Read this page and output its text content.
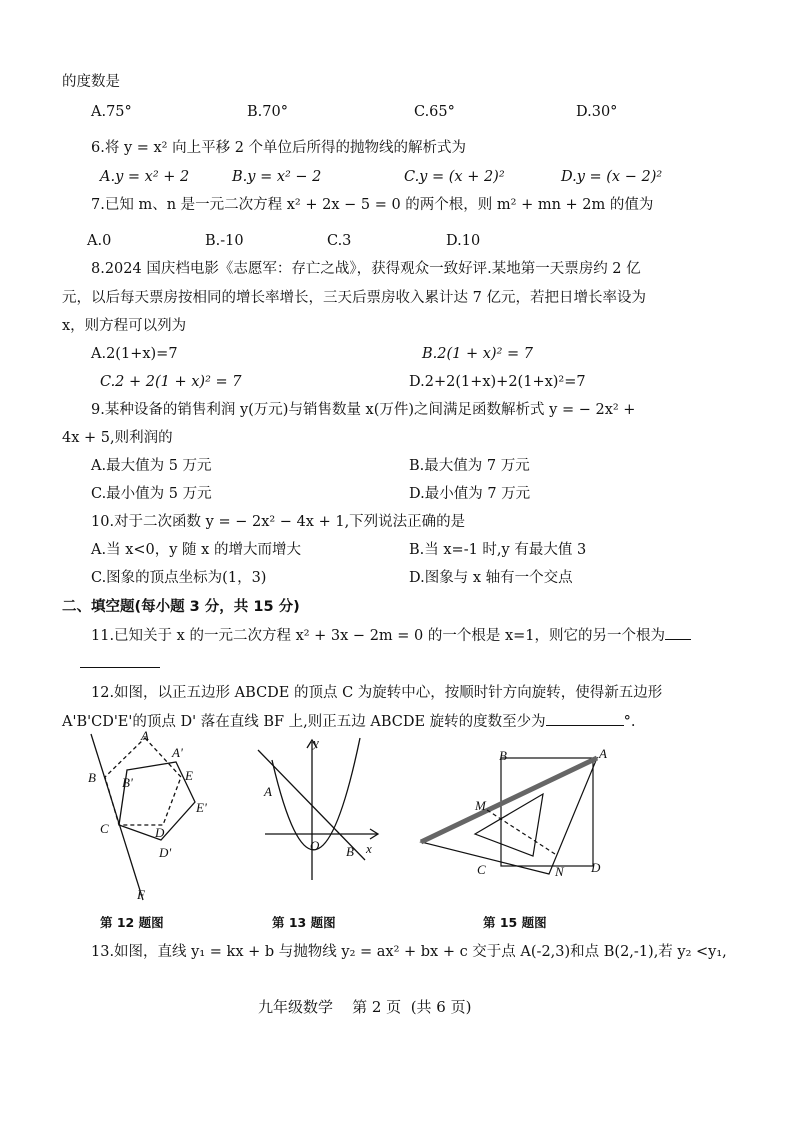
的度数是
A.75°	B.70°	C.65°	D.30°
6.将 y = x² 向上平移 2 个单位后所得的抛物线的解析式为
A.y = x² + 2	B.y = x² − 2	C.y = (x + 2)²	D.y = (x − 2)²
7.已知 m、n 是一元二次方程 x² + 2x − 5 = 0 的两个根，则 m² + mn + 2m 的值为
A.0	B.-10	C.3	D.10
8.2024 国庆档电影《志愿军：存亡之战》，获得观众一致好评.某地第一天票房约 2 亿
元，以后每天票房按相同的增长率增长，三天后票房收入累计达 7 亿元，若把日增长率设为
x，则方程可以列为
A.2(1+x)=7	B.2(1 + x)² = 7
C.2 + 2(1 + x)² = 7	D.2+2(1+x)+2(1+x)²=7
9.某种设备的销售利润 y(万元)与销售数量 x(万件)之间满足函数解析式 y = − 2x² +
4x + 5,则利润的
A.最大值为 5 万元	B.最大值为 7 万元
C.最小值为 5 万元	D.最小值为 7 万元
10.对于二次函数 y = − 2x² − 4x + 1,下列说法正确的是
A.当 x<0，y 随 x 的增大而增大	B.当 x=-1 时,y 有最大值 3
C.图象的顶点坐标为(1，3)	D.图象与 x 轴有一个交点
二、填空题(每小题 3 分，共 15 分)
11.已知关于 x 的一元二次方程 x² + 3x − 2m = 0 的一个根是 x=1，则它的另一个根为
12.如图，以正五边形 ABCDE 的顶点 C 为旋转中心，按顺时针方向旋转，使得新五边形
A'B'CD'E'的顶点 D' 落在直线 BF 上,则正五边 ABCDE 旋转的度数至少为	°.
A
A'
B B'	E
E'
C	D
D'
F
第 12 题图
y
A
O B x
第 13 题图
B	A
M
C	N D
第 15 题图
13.如图，直线 y₁ = kx + b 与抛物线 y₂ = ax² + bx + c 交于点 A(-2,3)和点 B(2,-1),若 y₂ <y₁,
九年级数学    第 2 页  (共 6 页)
